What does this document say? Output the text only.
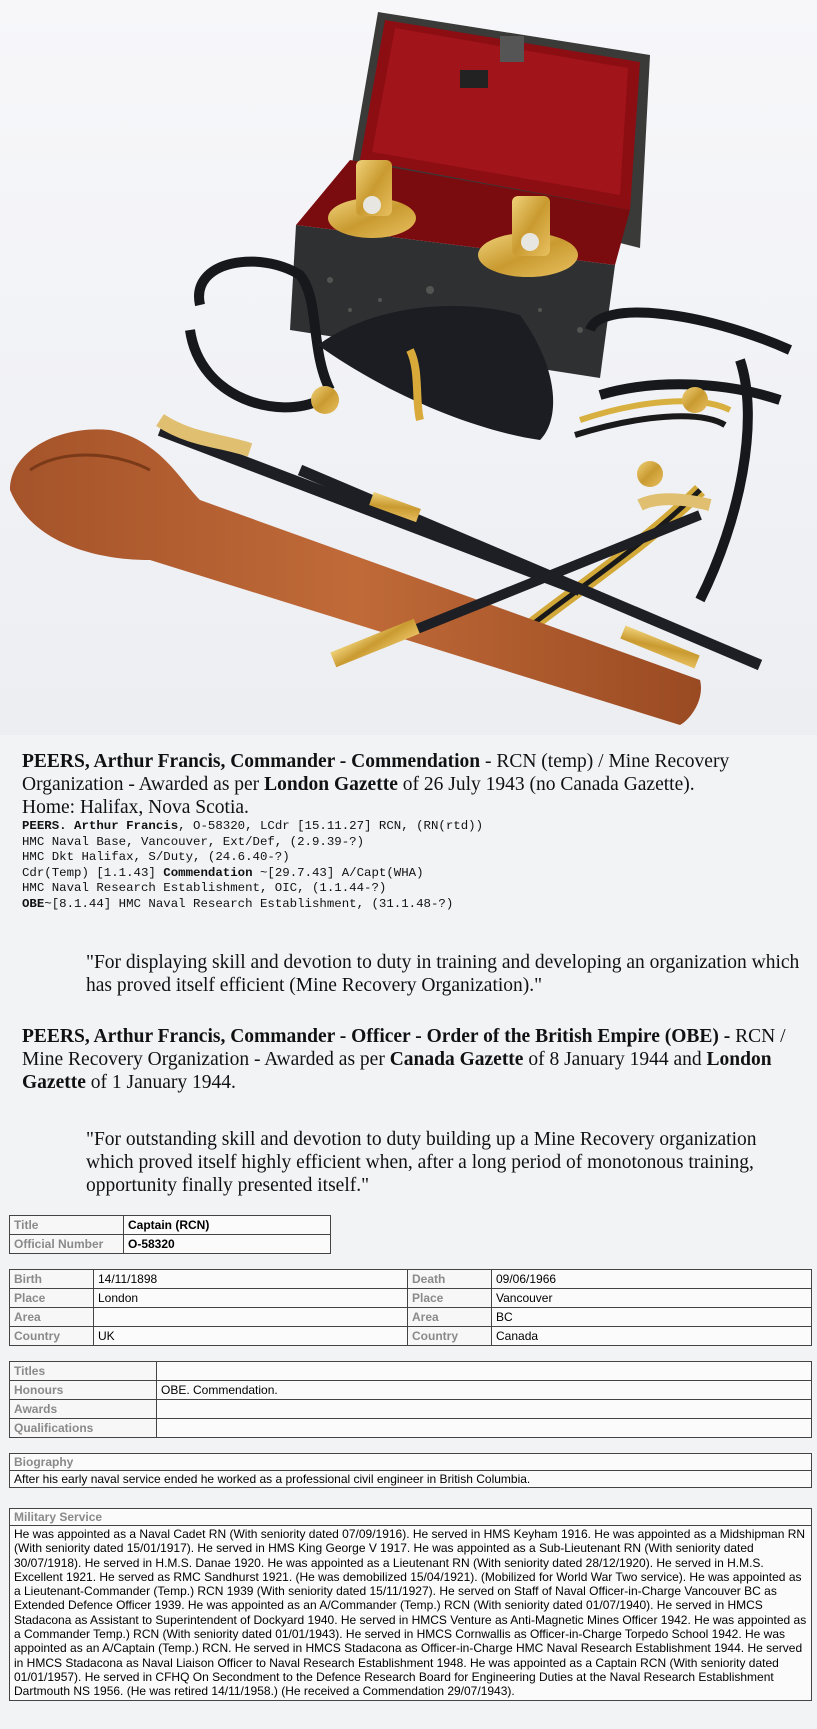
PEERS, Arthur Francis, Commander - Commendation - RCN (temp) / Mine Recovery Organization - Awarded as per London Gazette of 26 July 1943 (no Canada Gazette).
Home: Halifax, Nova Scotia.
PEERS. Arthur Francis, O-58320, LCdr [15.11.27] RCN, (RN(rtd))
HMC Naval Base, Vancouver, Ext/Def, (2.9.39-?)
HMC Dkt Halifax, S/Duty, (24.6.40-?)
Cdr(Temp) [1.1.43] Commendation ~[29.7.43] A/Capt(WHA)
HMC Naval Research Establishment, OIC, (1.1.44-?)
OBE~[8.1.44] HMC Naval Research Establishment, (31.1.48-?)
"For displaying skill and devotion to duty in training and developing an organization which has proved itself efficient (Mine Recovery Organization)."
PEERS, Arthur Francis, Commander - Officer - Order of the British Empire (OBE) - RCN / Mine Recovery Organization - Awarded as per Canada Gazette of 8 January 1944 and London Gazette of 1 January 1944.
"For outstanding skill and devotion to duty building up a Mine Recovery organization which proved itself highly efficient when, after a long period of monotonous training, opportunity finally presented itself."
Title	Captain (RCN)
Official Number	O-58320
Birth	14/11/1898	Death	09/06/1966
Place	London	Place	Vancouver
Area		Area	BC
Country	UK	Country	Canada
Titles	
Honours	OBE. Commendation.
Awards	
Qualifications	
Biography
After his early naval service ended he worked as a professional civil engineer in British Columbia.
Military Service
He was appointed as a Naval Cadet RN (With seniority dated 07/09/1916). He served in HMS Keyham 1916. He was appointed as a Midshipman RN (With seniority dated 15/01/1917). He served in HMS King George V 1917. He was appointed as a Sub-Lieutenant RN (With seniority dated 30/07/1918). He served in H.M.S. Danae 1920. He was appointed as a Lieutenant RN (With seniority dated 28/12/1920). He served in H.M.S. Excellent 1921. He served as RMC Sandhurst 1921. (He was demobilized 15/04/1921). (Mobilized for World War Two service). He was appointed as a Lieutenant-Commander (Temp.) RCN 1939 (With seniority dated 15/11/1927). He served on Staff of Naval Officer-in-Charge Vancouver BC as Extended Defence Officer 1939. He was appointed as an A/Commander (Temp.) RCN (With seniority dated 01/07/1940). He served in HMCS Stadacona as Assistant to Superintendent of Dockyard 1940. He served in HMCS Venture as Anti-Magnetic Mines Officer 1942. He was appointed as a Commander Temp.) RCN (With seniority dated 01/01/1943). He served in HMCS Cornwallis as Officer-in-Charge Torpedo School 1942. He was appointed as an A/Captain (Temp.) RCN. He served in HMCS Stadacona as Officer-in-Charge HMC Naval Research Establishment 1944. He served in HMCS Stadacona as Naval Liaison Officer to Naval Research Establishment 1948. He was appointed as a Captain RCN (With seniority dated 01/01/1957). He served in CFHQ On Secondment to the Defence Research Board for Engineering Duties at the Naval Research Establishment Dartmouth NS 1956. (He was retired 14/11/1958.) (He received a Commendation 29/07/1943).
